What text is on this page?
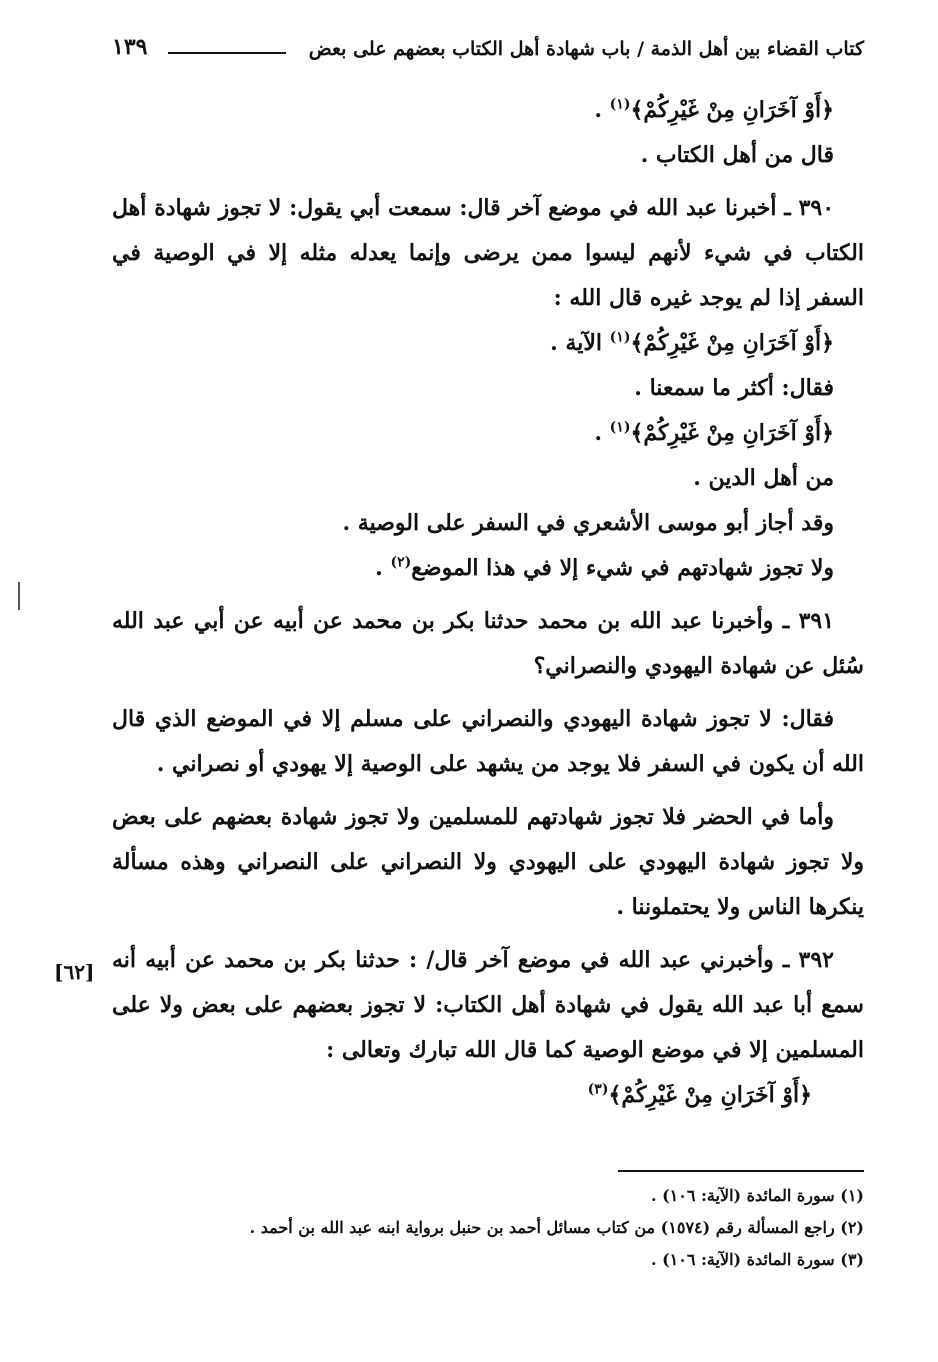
١٣٩	كتاب القضاء بين أهل الذمة / باب شهادة أهل الكتاب بعضهم على بعض

﴿أَوْ آخَرَانِ مِنْ غَيْرِكُمْ﴾$^{(١)}$ .

قال من أهل الكتاب .

٣٩٠ ـ أخبرنا عبد الله في موضع آخر قال: سمعت أبي يقول: لا تجوز شهادة أهل الكتاب في شيء لأنهم ليسوا ممن يرضى وإنما يعدله مثله إلا في الوصية في السفر إذا لم يوجد غيره قال الله :

﴿أَوْ آخَرَانِ مِنْ غَيْرِكُمْ﴾$^{(١)}$ الآية .

فقال: أكثر ما سمعنا .

﴿أَوْ آخَرَانِ مِنْ غَيْرِكُمْ﴾$^{(١)}$ .

من أهل الدين .

وقد أجاز أبو موسى الأشعري في السفر على الوصية .

ولا تجوز شهادتهم في شيء إلا في هذا الموضع$^{(٢)}$ .

٣٩١ ـ وأخبرنا عبد الله بن محمد حدثنا بكر بن محمد عن أبيه عن أبي عبد الله سُئل عن شهادة اليهودي والنصراني؟

فقال: لا تجوز شهادة اليهودي والنصراني على مسلم إلا في الموضع الذي قال الله أن يكون في السفر فلا يوجد من يشهد على الوصية إلا يهودي أو نصراني .

وأما في الحضر فلا تجوز شهادتهم للمسلمين ولا تجوز شهادة بعضهم على بعض ولا تجوز شهادة اليهودي على اليهودي ولا النصراني على النصراني وهذه مسألة ينكرها الناس ولا يحتملوننا .

٣٩٢ ـ وأخبرني عبد الله في موضع آخر قال/ : حدثنا بكر بن محمد عن أبيه أنه سمع أبا عبد الله يقول في شهادة أهل الكتاب: لا تجوز بعضهم على بعض ولا على المسلمين إلا في موضع الوصية كما قال الله تبارك وتعالى :

﴿أَوْ آخَرَانِ مِنْ غَيْرِكُمْ﴾$^{(٣)}$

[٦٢]

(١) سورة المائدة (الآية: ١٠٦) .

(٢) راجع المسألة رقم (١٥٧٤) من كتاب مسائل أحمد بن حنبل برواية ابنه عبد الله بن أحمد .

(٣) سورة المائدة (الآية: ١٠٦) .
